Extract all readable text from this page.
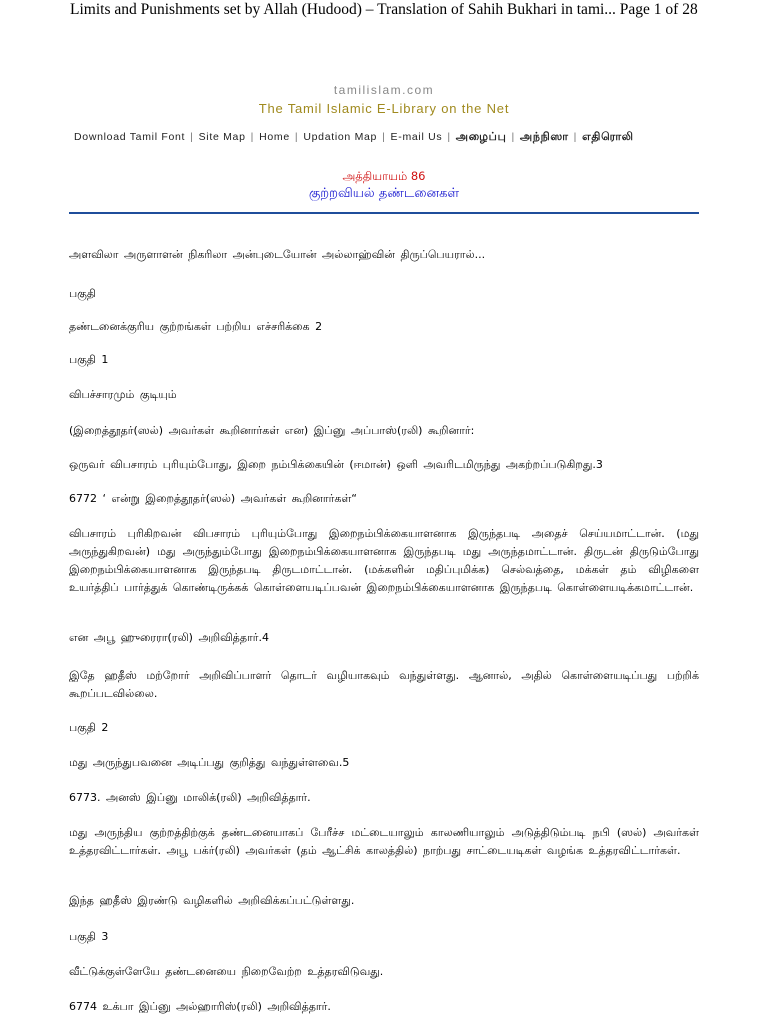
Limits and Punishments set by Allah (Hudood) – Translation of Sahih Bukhari in tami... Page 1 of 28
tamilislam.com
The Tamil Islamic E-Library on the Net
Download Tamil Font | Site Map | Home | Updation Map | E-mail Us | அழைப்பு | அந்நிஸா | எதிரொலி
அத்தியாயம் 86
குற்றவியல் தண்டனைகள்

அளவிலா அருளாளன் நிகரிலா அன்புடையோன் அல்லாஹ்வின் திருப்பெயரால்...

பகுதி

தண்டனைக்குரிய குற்றங்கள் பற்றிய எச்சரிக்கை 2

பகுதி 1

விபச்சாரமும் குடியும்

(இறைத்தூதர்(ஸல்) அவர்கள் கூறினார்கள் என) இப்னு அப்பாஸ்(ரலி) கூறினார்:

ஒருவர் விபசாரம் புரியும்போது, இறை நம்பிக்கையின் (ஈமான்) ஒளி அவரிடமிருந்து அகற்றப்படுகிறது.3

6772 ‘ என்று இறைத்தூதர்(ஸல்) அவர்கள் கூறினார்கள்“

விபசாரம் புரிகிறவன் விபசாரம் புரியும்போது இறைநம்பிக்கையாளனாக இருந்தபடி அதைச் செய்யமாட்டான். (மது அருந்துகிறவன்) மது அருந்தும்போது இறைநம்பிக்கையாளனாக இருந்தபடி மது அருந்தமாட்டான். திருடன் திருடும்போது இறைநம்பிக்கையாளனாக இருந்தபடி திருடமாட்டான். (மக்களின் மதிப்புமிக்க) செல்வத்தை, மக்கள் தம் விழிகளை உயர்த்திப் பார்த்துக் கொண்டிருக்கக் கொள்ளையடிப்பவன் இறைநம்பிக்கையாளனாக இருந்தபடி கொள்ளையடிக்கமாட்டான்.

என அபூ ஹுரைரா(ரலி) அறிவித்தார்.4

இதே ஹதீஸ் மற்றோர் அறிவிப்பாளர் தொடர் வழியாகவும் வந்துள்ளது. ஆனால், அதில் கொள்ளையடிப்பது பற்றிக் கூறப்படவில்லை.

பகுதி 2

மது அருந்துபவனை அடிப்பது குறித்து வந்துள்ளவை.5

6773. அனஸ் இப்னு மாலிக்(ரலி) அறிவித்தார்.

மது அருந்திய குற்றத்திற்குக் தண்டனையாகப் பேரீச்ச மட்டையாலும் காலணியாலும் அடுத்திடும்படி நபி (ஸல்) அவர்கள் உத்தரவிட்டார்கள். அபூ பக்ர்(ரலி) அவர்கள் (தம் ஆட்சிக் காலத்தில்) நாற்பது சாட்டையடிகள் வழங்க உத்தரவிட்டார்கள்.

இந்த ஹதீஸ் இரண்டு வழிகளில் அறிவிக்கப்பட்டுள்ளது.

பகுதி 3

வீட்டுக்குள்ளேயே தண்டனையை நிறைவேற்ற உத்தரவிடுவது.

6774 உக்பா இப்னு அல்ஹாரிஸ்(ரலி) அறிவித்தார்.
